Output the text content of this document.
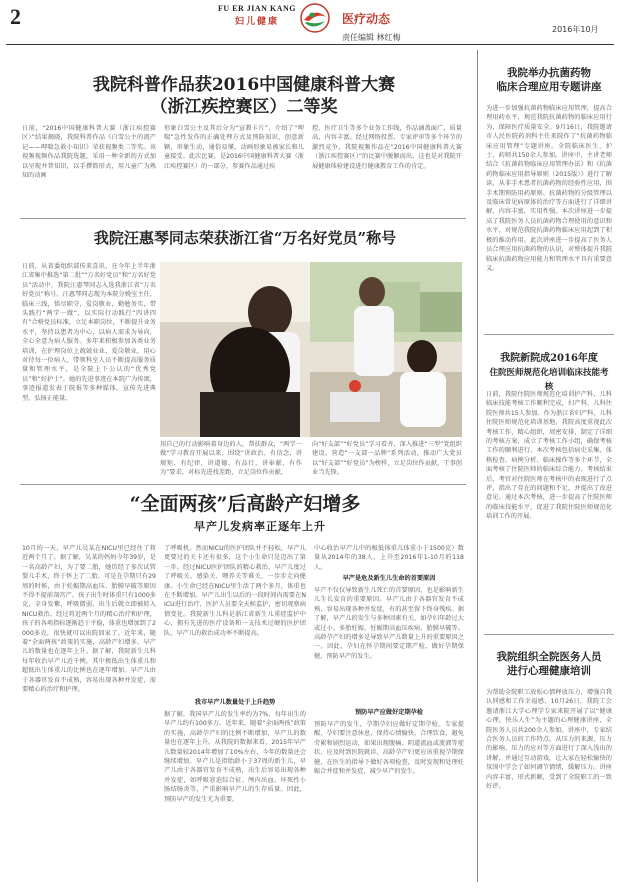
2	FU ER JIAN KANG
妇儿健康	医疗动态
责任编辑 林红梅
2016年10月
我院科普作品获2016中国健康科普大赛
（浙江疾控赛区）二等奖
日前，“2016中国健康科普大赛（浙江疾控赛区）”结果揭晓，我院科普作品《白雪公主的流产记——呷喘急救小知识》荣获视频类二等奖。该视频视频作品我院选题，采用一种全新的方式加以呈现并普知识，以手撰简形式，用儿童广为熟知的动画
形象白雪公主及其后分为“宣教卡片”，介绍了“呷喘”急性发作的正确处理方式及预防知识，创意新颖，形象生动，通俗易懂，动画形象易被家长和儿童接受。此次比赛，是2016中国健康科普大赛（浙江疾控赛区）的一部分，参赛作品通过疾
控、医疗卫生等多个业务工作线，作品涵盖面广，质量高，内容丰富。经过网络投票、专家评审等多个环节的激烈竞争，我院视频作品在“2016中国健康科普大赛（浙江疾控赛区）”的比赛中脱颖而出，这也是对我院开展健康体验建设进行健康教育工作的肯定。
我院汪惠琴同志荣获浙江省“万名好党员”称号
日前，从省委组织部传来喜讯，在今年上半年浙江省集中推选“第二批”“万名好党员”和“万名好党员”活动中，我院汪惠琴同志入选我浙江省“万名好党员”称号。汪惠琴同志现为本院分娩室主任，临床三线，恪尽职守，爱岗敬业，勤勉务实，带头践行“两学一做”，以实际行动践行“四讲四有”合格党员标准，立足本职岗位，不断提升业务水平，坚持以患者为中心，以病人需求为导向，全心全意为病人服务。多年来积极参加各类业务培训，在护理岗位上兢兢业业，爱岗敬业，用心对待每一位病人，带领科室人员不断提高服务质量和管理水平，是全院上下公认的“优秀党员”和“好护士”。她的先进事迹在本院广为传颂，事迹报道发表于院报等多种媒体。宣传先进典型，弘扬正能量。
用自己的行动影响着身边的人，帮扶群众，“两学一做”学习教育开展以来，围绕“讲政治、有信念，讲规矩、有纪律，讲道德、有品行，讲奉献、有作为”要求，对标先进找差距，立足岗位作贡献，
向“好支部”“好党员”学习看齐，深入推进“三型”党组织建设，营造“一支部一品牌”系列活动，推动广大党员以“好支部”“好党员”为榜样，立足岗位作贡献，干事创业当先锋。
“全面两孩”后高龄产妇增多
早产儿发病率正逐年上升
10月的一天，早产儿吴某在NICU里已经住了将近两个月了。据了解，吴某的妈妈今年39岁，是一名高龄产妇，为了要二胎，她历经了多次试管婴儿手术，终于怀上了二胎。可是在孕期只有29周的时候，由于妊娠期高血压、胎膜早破等原因不得不提前剖宫产。孩子出生时体重只有1000多克，全身发紫，呼吸微弱，出生后就立即被转入NICU救治。经过将近两个月的精心治疗和护理，孩子的各项指标逐渐趋于平稳，体重也增加到了2000多克，很快就可以出院回家了。近年来，随着“全面两孩”政策的实施，高龄产妇增多，早产儿的数量也在逐年上升。据了解，我院新生儿科每年收治早产儿近千例，其中极低出生体重儿和超低出生体重儿的比例也在逐年增加。早产儿由于各器官发育不成熟，容易出现各种并发症，需要精心的治疗和护理。
了呼吸机。然而NICU的医护团队并不轻松，早产儿更要过的关卡还有很多，这个小生命只是迈出了第一步。经过NICU医护团队的精心救治，早产儿度过了呼吸关、感染关、喂养关等难关，一步步走向健康。小生命已经在NICU里生活了两个多月，体重也在不断增加。早产儿出生以后的一段时间内需要在NICU进行治疗，医护人员要全天候监护，密切观察病情变化。我院新生儿科是浙江省新生儿重症监护中心，拥有先进的医疗设备和一支技术过硬的医护团队，早产儿的救治成功率不断提高。
我市早产儿数量处于上升趋势
据了解，我国早产儿的发生率约为7%，每年出生的早产儿约有100多万。近年来，随着“全面两孩”政策的实施，高龄孕产妇的比例不断增加，早产儿的数量也在逐年上升。从我院的数据来看，2015年早产儿数量较2014年增加了10%左右，今年的数量还会继续增加。早产儿是指胎龄小于37周的新生儿，早产儿由于各器官发育不成熟，出生后容易出现各种并发症，如呼吸窘迫综合征、颅内出血、坏死性小肠结肠炎等，严重影响早产儿的生存质量。因此，预防早产的发生尤为重要。
中心收治早产儿中的极低体重儿体重小于1500克）数量从2014年的38人，上升至2016年1-10月的118人。
早产是危及新生儿生命的首要原因
早产不仅仅导致新生儿死亡的首要原因，也是影响新生儿生长发育的重要原因。早产儿由于各器官发育不成熟，容易出现各种并发症，有的甚至留下终身残疾。据了解，早产儿的发生与多种因素有关，如孕妇年龄过大或过小、多胎妊娠、妊娠期高血压疾病、胎膜早破等。高龄孕产妇的增多是导致早产儿数量上升的重要原因之一。因此，孕妇在怀孕期间要定期产检，做好孕期保健，预防早产的发生。
预防早产应做好定期孕检
预防早产的发生，孕期孕妇应做好定期孕检。专家提醒，孕妇要注意休息，保持心情愉快，合理饮食，避免劳累和剧烈运动，如果出现腹痛、阴道流血或流液等症状，应及时到医院就诊。高龄孕产妇更应该重视孕期保健，在医生的指导下做好各项检查，及时发现和处理妊娠合并症和并发症，减少早产的发生。
我院举办抗菌药物
临床合理应用专题讲座
为进一步加强抗菌药物临床应用管理，提高合理用药水平，规范我院抗菌药物的临床应用行为，保障医疗质量安全。9月16日，我院邀请市人民医院药剂科主任来院作了“抗菌药物临床应用管理”专题讲座。全院临床医生、护士、药师共150余人参加。讲座中，主讲老师结合《抗菌药物临床应用管理办法》和《抗菌药物临床应用指导原则（2015版）》进行了解读，从非手术患者抗菌药物的经验性应用，围手术期预防用药原则、抗菌药物的分级管理以及临床常见病原体的治疗等方面进行了详细讲解，内容丰富，实用性强。本次讲座进一步提高了我院医务人员抗菌药物合理使用的意识和水平，对规范我院抗菌药物临床应用起到了积极的推动作用。此次讲座进一步提高了医务人员合理应用抗菌药物的认识，对整体提升我院临床抗菌药物应用能力和管理水平具有重要意义。
我院新院成2016年度
住院医师规范化培训临床技能考核
日前，我院住院医师规范化培训护产科、儿科临床技能考核工作顺利完成，妇产科、儿科住院医师共15人参加。作为浙江省妇产科、儿科住院医师规范化培训基地，我院高度重视此次考核工作，精心组织，周密安排，制定了详细的考核方案，成立了考核工作小组，确保考核工作的顺利进行。本次考核包括病史采集、体格检查、病例分析、临床操作等多个环节，全面考核了住院医师的临床综合能力。考核结束后，考官对住院医师在考核中的表现进行了点评，指出了存在的问题和不足，并提出了改进意见。通过本次考核，进一步提高了住院医师的临床技能水平，促进了我院住院医师规范化培训工作的开展。
我院组织全院医务人员
进行心理健康培训
为帮助全院职工放松心情释放压力，增强自我认同感和工作幸福感，10月26日，我院工会邀请浙江大学心理学专家来院开展了以“健康心理，快乐人生”为主题的心理健康讲座，全院医务人员共200余人参加。讲座中，专家结合医务人员的工作特点，从压力的来源、压力的影响、压力的应对等方面进行了深入浅出的讲解，并通过互动游戏，让大家在轻松愉快的氛围中学会了如何调节情绪，缓解压力。讲座内容丰富，形式新颖，受到了全院职工的一致好评。
